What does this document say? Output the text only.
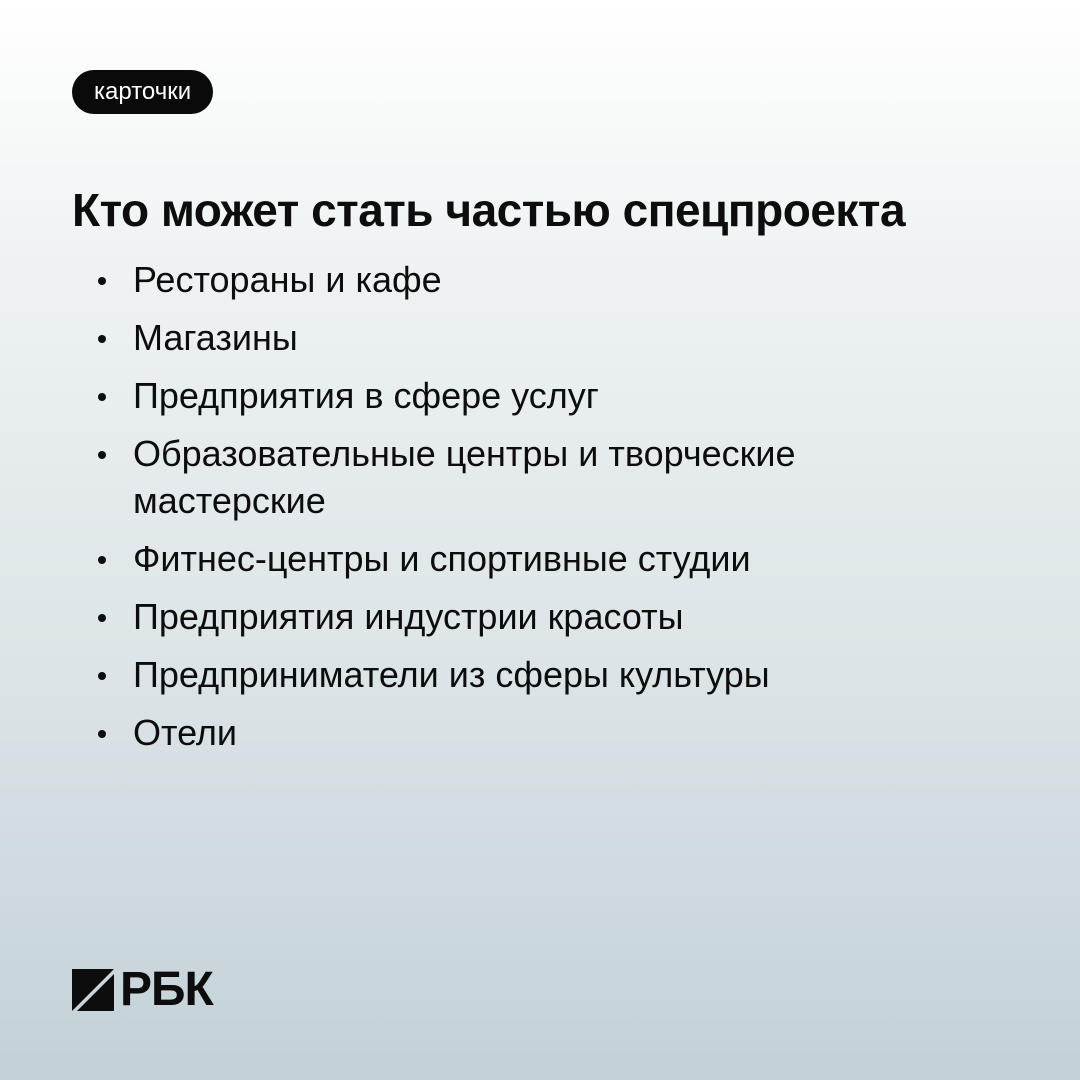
карточки
Кто может стать частью спецпроекта
Рестораны и кафе
Магазины
Предприятия в сфере услуг
Образовательные центры и творческие мастерские
Фитнес-центры и спортивные студии
Предприятия индустрии красоты
Предприниматели из сферы культуры
Отели
РБК
